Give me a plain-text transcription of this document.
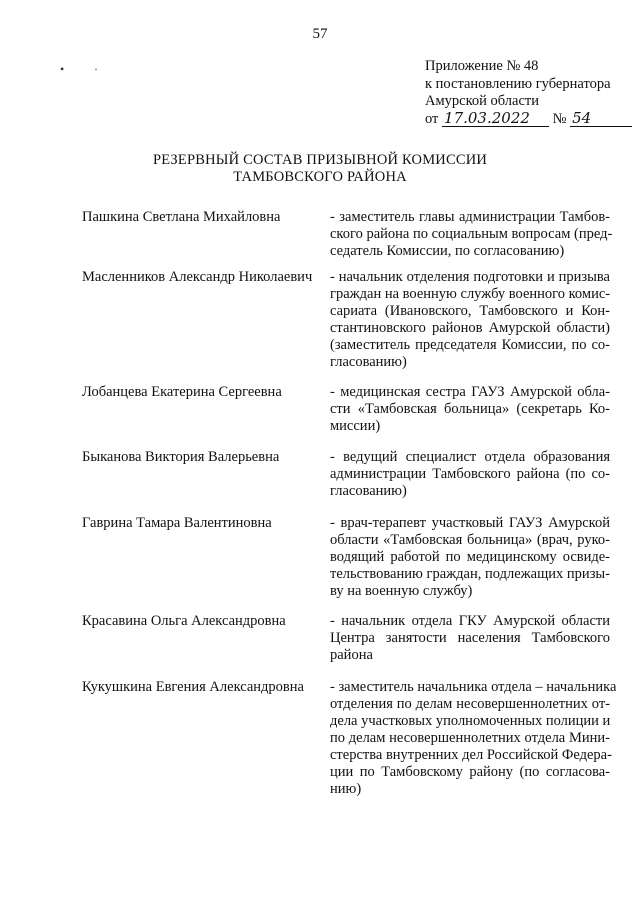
57
• ·	Приложение № 48
к постановлению губернатора
Амурской области
от 17.03.2022 № 54
РЕЗЕРВНЫЙ СОСТАВ ПРИЗЫВНОЙ КОМИССИИ
ТАМБОВСКОГО РАЙОНА
Пашкина Светлана Михайловна	- заместитель главы администрации Тамбов-
ского района по социальным вопросам (пред-
седатель Комиссии, по согласованию)
Масленников Александр Николаевич - начальник отделения подготовки и призыва
граждан на военную службу военного комис-
сариата (Ивановского, Тамбовского и Кон-
стантиновского районов Амурской области)
(заместитель председателя Комиссии, по со-
гласованию)
Лобанцева Екатерина Сергеевна	- медицинская сестра ГАУЗ Амурской обла-
сти «Тамбовская больница» (секретарь Ко-
миссии)
Быканова Виктория Валерьевна	- ведущий специалист отдела образования
администрации Тамбовского района (по со-
гласованию)
Гаврина Тамара Валентиновна	- врач-терапевт участковый ГАУЗ Амурской
области «Тамбовская больница» (врач, руко-
водящий работой по медицинскому освиде-
тельствованию граждан, подлежащих призы-
ву на военную службу)
Красавина Ольга Александровна	- начальник отдела ГКУ Амурской области
Центра занятости населения Тамбовского
района
Кукушкина Евгения Александровна - заместитель начальника отдела – начальника
отделения по делам несовершеннолетних от-
дела участковых уполномоченных полиции и
по делам несовершеннолетних отдела Мини-
стерства внутренних дел Российской Федера-
ции по Тамбовскому району (по согласова-
нию)
